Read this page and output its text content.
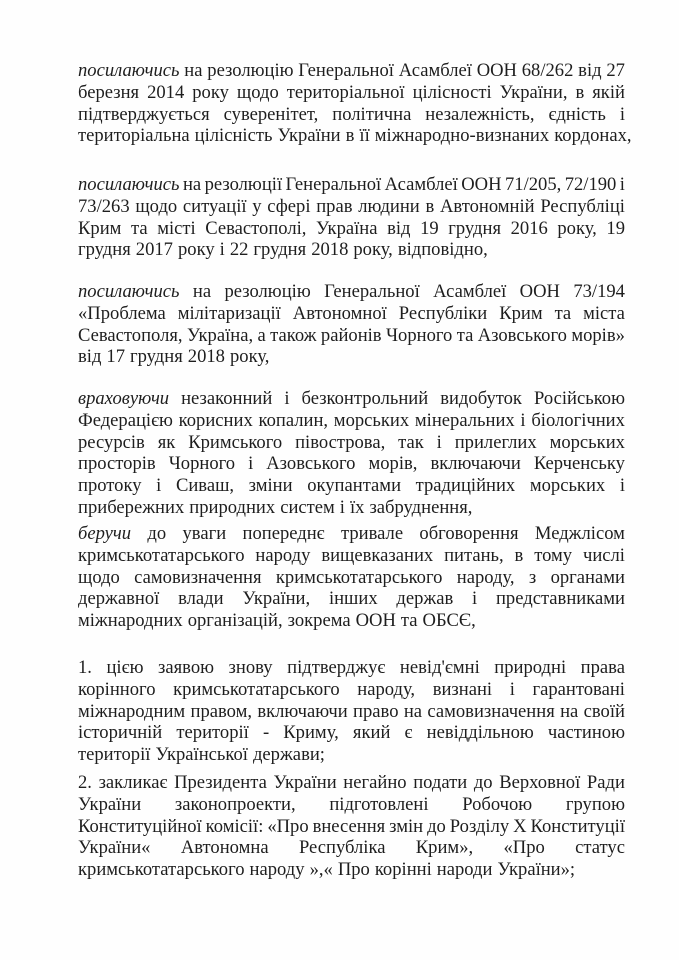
посилаючись на резолюцію Генеральної Асамблеї ООН 68/262 від 27
березня 2014 року щодо територіальної цілісності України, в якій
підтверджується суверенітет, політична незалежність, єдність і
територіальна цілісність України в її міжнародно-визнаних кордонах,
посилаючись на резолюції Генеральної Асамблеї ООН 71/205, 72/190 і
73/263 щодо ситуації у сфері прав людини в Автономній Республіці
Крим та місті Севастополі, Україна від 19 грудня 2016 року, 19
грудня 2017 року і 22 грудня 2018 року, відповідно,
посилаючись на резолюцію Генеральної Асамблеї ООН 73/194
«Проблема мілітаризації Автономної Республіки Крим та міста
Севастополя, Україна, а також районів Чорного та Азовського морів»
від 17 грудня 2018 року,
враховуючи незаконний і безконтрольний видобуток Російською
Федерацією корисних копалин, морських мінеральних і біологічних
ресурсів як Кримського півострова, так і прилеглих морських
просторів Чорного і Азовського морів, включаючи Керченську
протоку і Сиваш, зміни окупантами традиційних морських і
прибережних природних систем і їх забруднення,
беручи до уваги попереднє тривале обговорення Меджлісом
кримськотатарського народу вищевказаних питань, в тому числі
щодо самовизначення кримськотатарського народу, з органами
державної влади України, інших держав і представниками
міжнародних організацій, зокрема ООН та ОБСЄ,
1. цією заявою знову підтверджує невід'ємні природні права
корінного кримськотатарського народу, визнані і гарантовані
міжнародним правом, включаючи право на самовизначення на своїй
історичній території - Криму, який є невіддільною частиною
території Української держави;
2. закликає Президента України негайно подати до Верховної Ради
України законопроекти, підготовлені Робочою групою
Конституційної комісії: «Про внесення змін до Розділу Х Конституції
України« Автономна Республіка Крим», «Про статус
кримськотатарського народу »,« Про корінні народи України»;
